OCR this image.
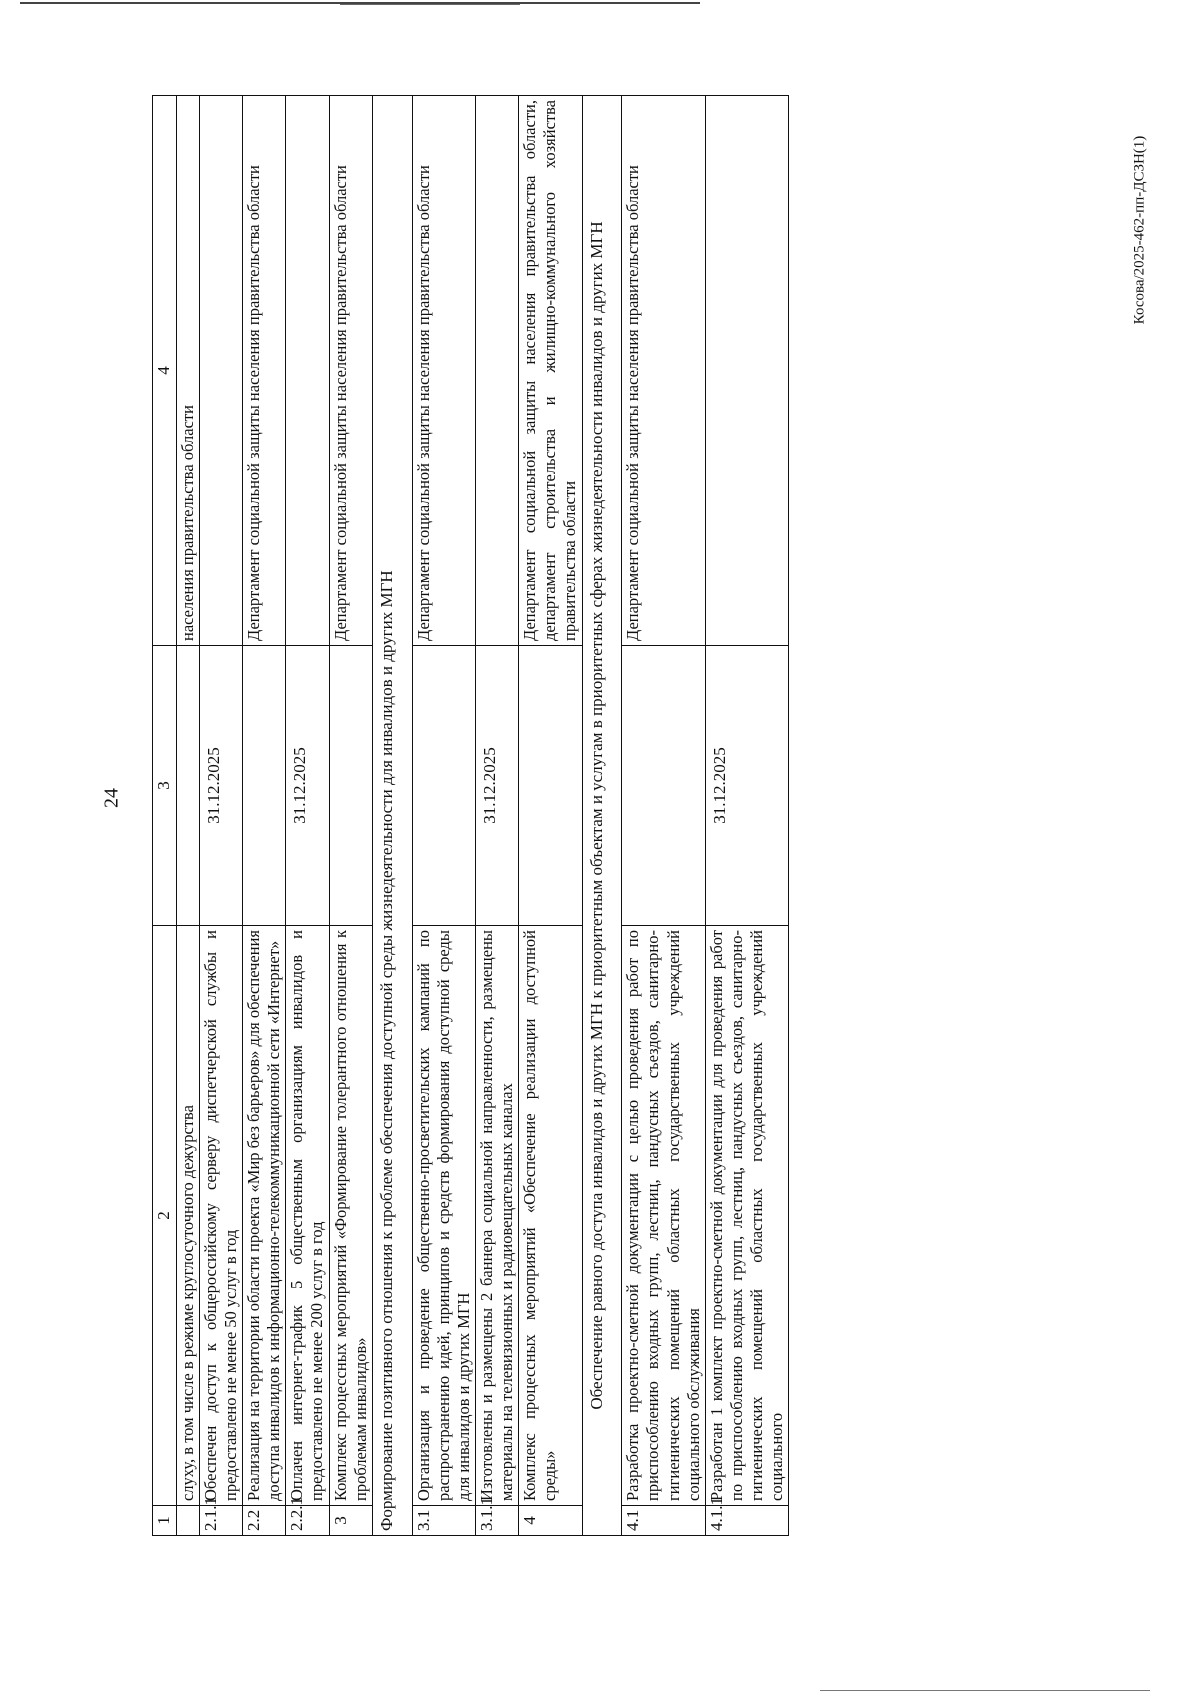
24
Косова/2025-462-пп-ДСЗН(1)
1	2	3	4
	слуху, в том числе в режиме круглосуточного дежурства		населения правительства области
2.1.1	Обеспечен доступ к общероссийскому серверу диспетчерской службы и предоставлено не менее 50 услуг в год	31.12.2025	
2.2	Реализация на территории области проекта «Мир без барьеров» для обеспечения доступа инвалидов к информационно-телекоммуникационной сети «Интернет»		Департамент социальной защиты населения правительства области
2.2.1	Оплачен интернет-трафик 5 общественным организациям инвалидов и предоставлено не менее 200 услуг в год	31.12.2025	
3	Комплекс процессных мероприятий «Формирование толерантного отношения к проблемам инвалидов»		Департамент социальной защиты населения правительства области
Формирование позитивного отношения к проблеме обеспечения доступной среды жизнедеятельности для инвалидов и других МГН			
3.1	Организация и проведение общественно-просветительских кампаний по распространению идей, принципов и средств формирования доступной среды для инвалидов и других МГН		Департамент социальной защиты населения правительства области
3.1.1	Изготовлены и размещены 2 баннера социальной направленности, размещены материалы на телевизионных и радиовещательных каналах	31.12.2025	
4	Комплекс процессных мероприятий «Обеспечение реализации доступной среды»		Департамент социальной защиты населения правительства области, департамент строительства и жилищно-коммунального хозяйства правительства области
Обеспечение равного доступа инвалидов и других МГН к приоритетным объектам и услугам в приоритетных сферах жизнедеятельности инвалидов и других МГН			
4.1	Разработка проектно-сметной документации с целью проведения работ по приспособлению входных групп, лестниц, пандусных съездов, санитарно-гигиенических помещений областных государственных учреждений социального обслуживания		Департамент социальной защиты населения правительства области
4.1.1	Разработан 1 комплект проектно-сметной документации для проведения работ по приспособлению входных групп, лестниц, пандусных съездов, санитарно-гигиенических помещений областных государственных учреждений социального	31.12.2025	
